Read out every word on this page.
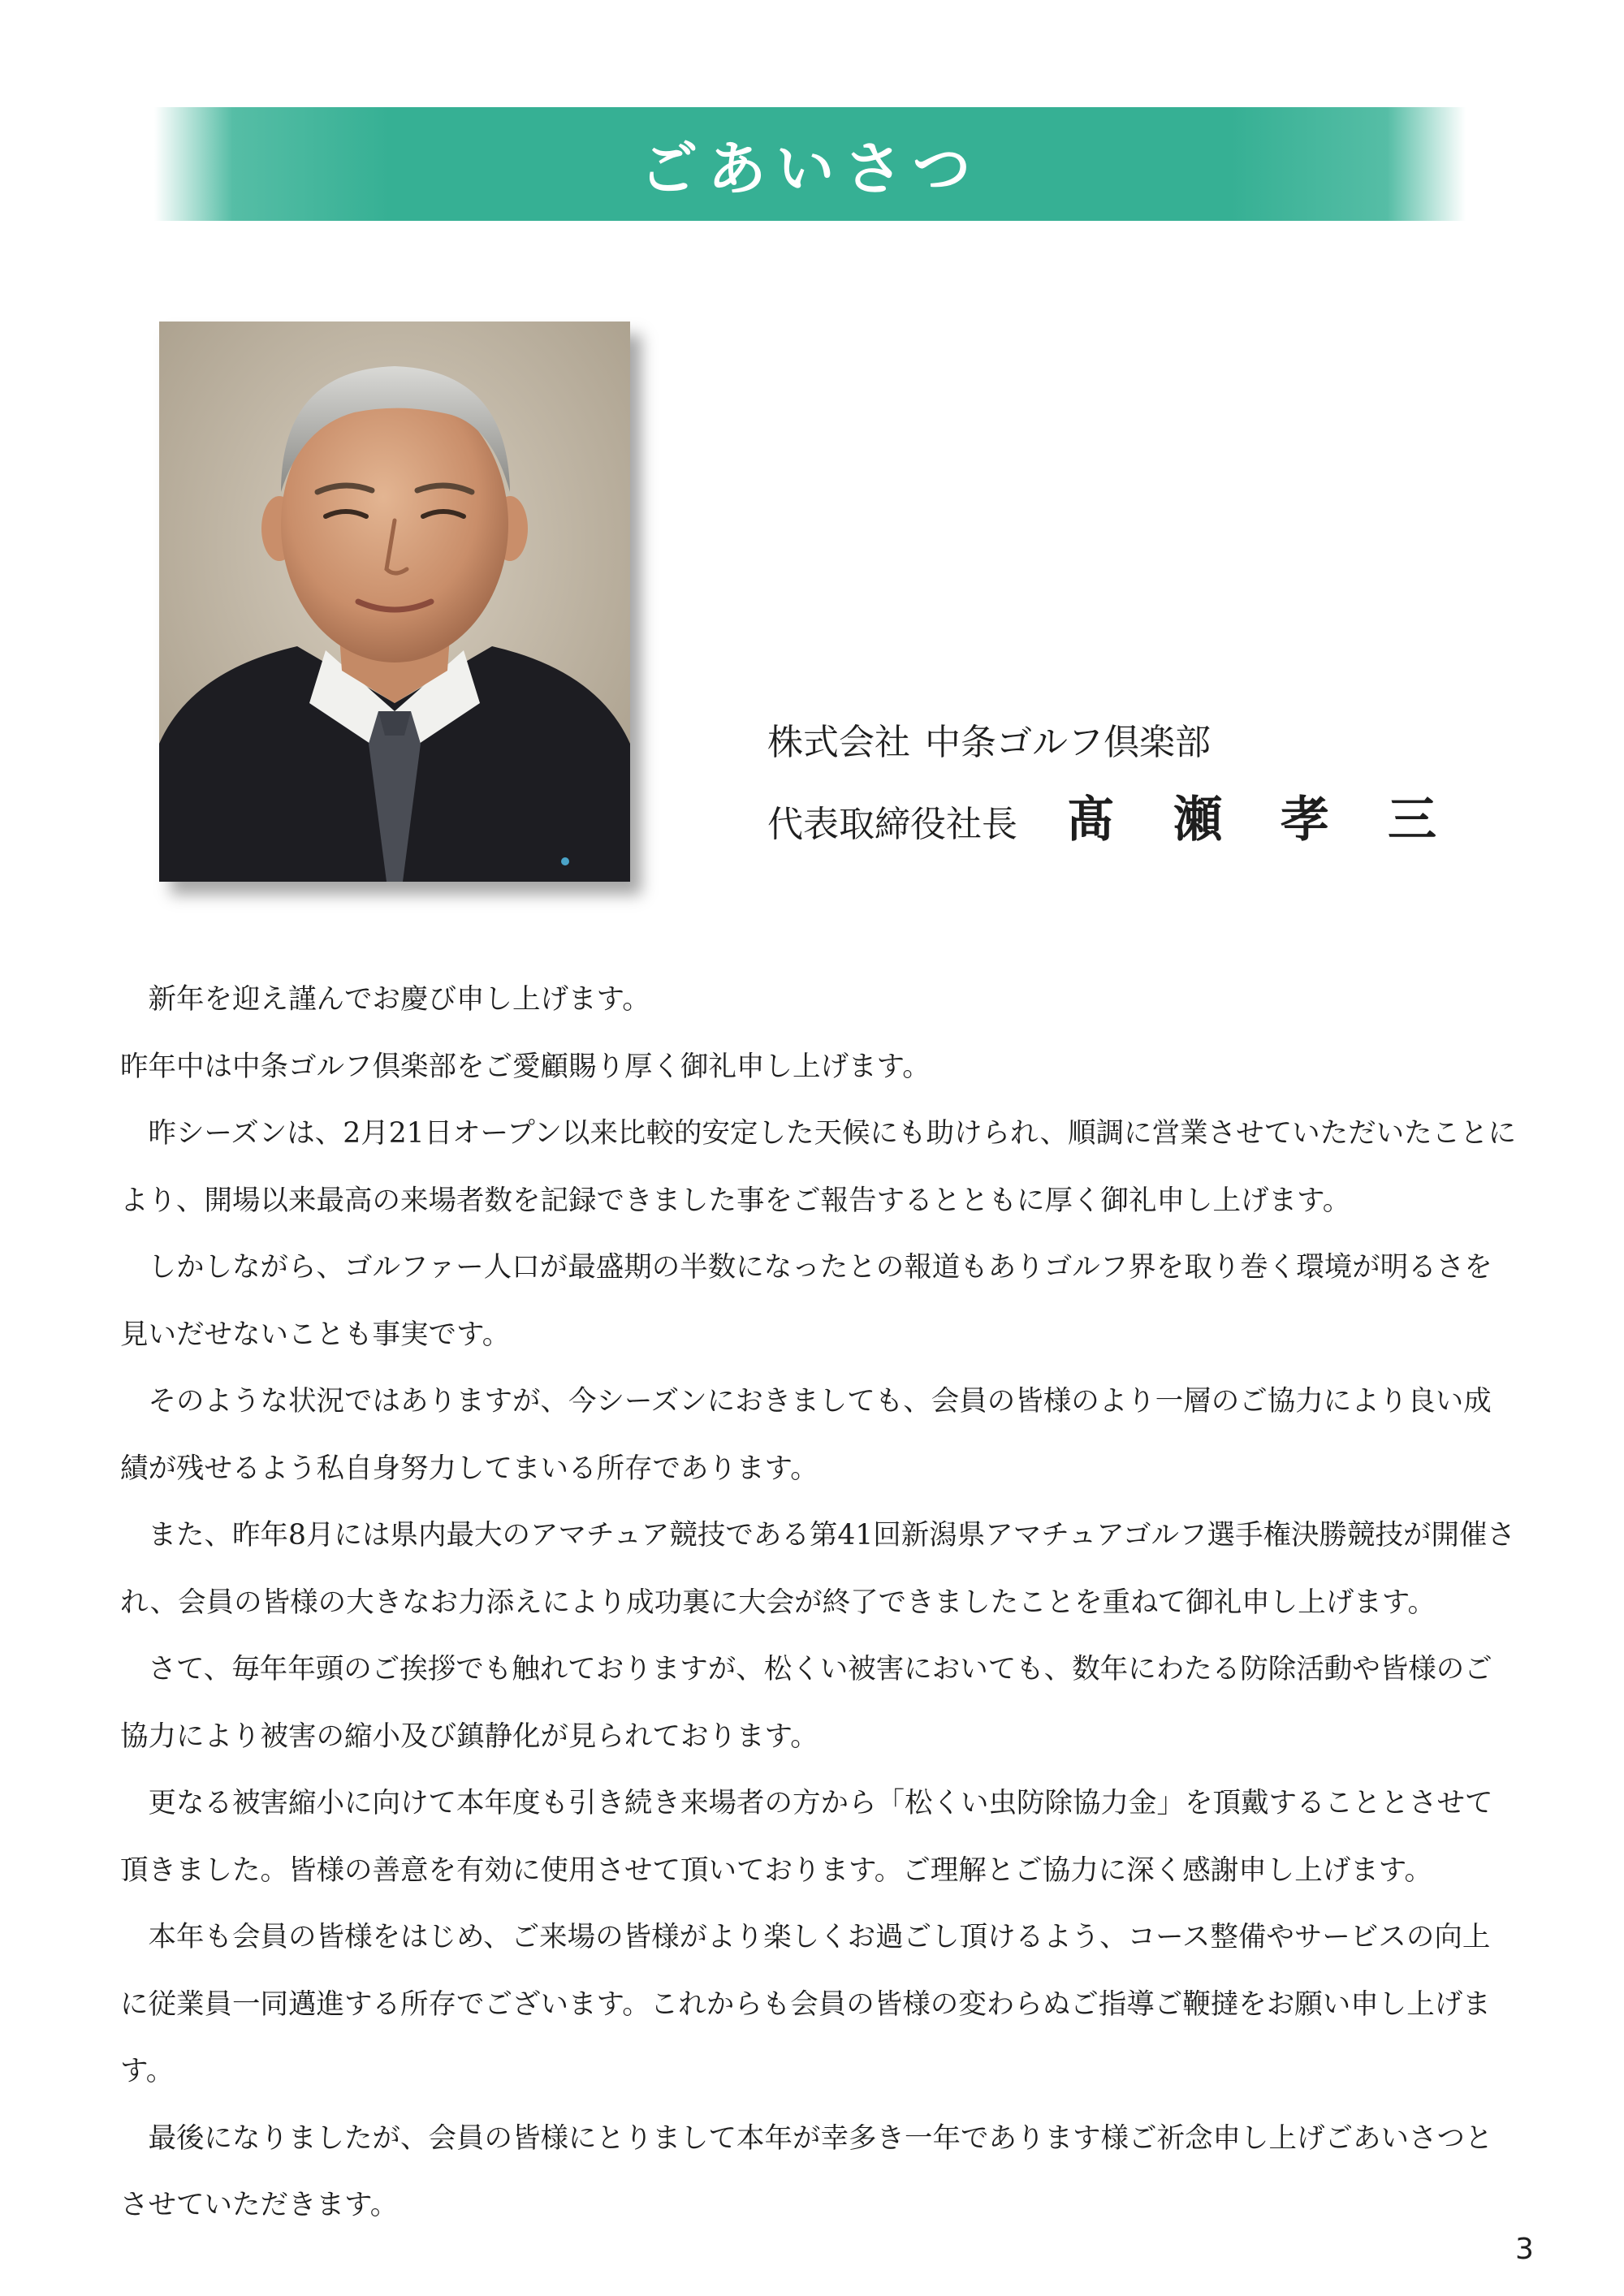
ごあいさつ
株式会社 中条ゴルフ倶楽部
代表取締役社長 髙瀬孝三

新年を迎え謹んでお慶び申し上げます。

昨年中は中条ゴルフ倶楽部をご愛顧賜り厚く御礼申し上げます。

昨シーズンは、2月21日オープン以来比較的安定した天候にも助けられ、順調に営業させていただいたことにより、開場以来最高の来場者数を記録できました事をご報告するとともに厚く御礼申し上げます。

しかしながら、ゴルファー人口が最盛期の半数になったとの報道もありゴルフ界を取り巻く環境が明るさを見いだせないことも事実です。

そのような状況ではありますが、今シーズンにおきましても、会員の皆様のより一層のご協力により良い成績が残せるよう私自身努力してまいる所存であります。

また、昨年8月には県内最大のアマチュア競技である第41回新潟県アマチュアゴルフ選手権決勝競技が開催され、会員の皆様の大きなお力添えにより成功裏に大会が終了できましたことを重ねて御礼申し上げます。

さて、毎年年頭のご挨拶でも触れておりますが、松くい被害においても、数年にわたる防除活動や皆様のご協力により被害の縮小及び鎮静化が見られております。

更なる被害縮小に向けて本年度も引き続き来場者の方から「松くい虫防除協力金」を頂戴することとさせて頂きました。皆様の善意を有効に使用させて頂いております。ご理解とご協力に深く感謝申し上げます。

本年も会員の皆様をはじめ、ご来場の皆様がより楽しくお過ごし頂けるよう、コース整備やサービスの向上に従業員一同邁進する所存でございます。これからも会員の皆様の変わらぬご指導ご鞭撻をお願い申し上げます。

最後になりましたが、会員の皆様にとりまして本年が幸多き一年であります様ご祈念申し上げごあいさつとさせていただきます。

3
